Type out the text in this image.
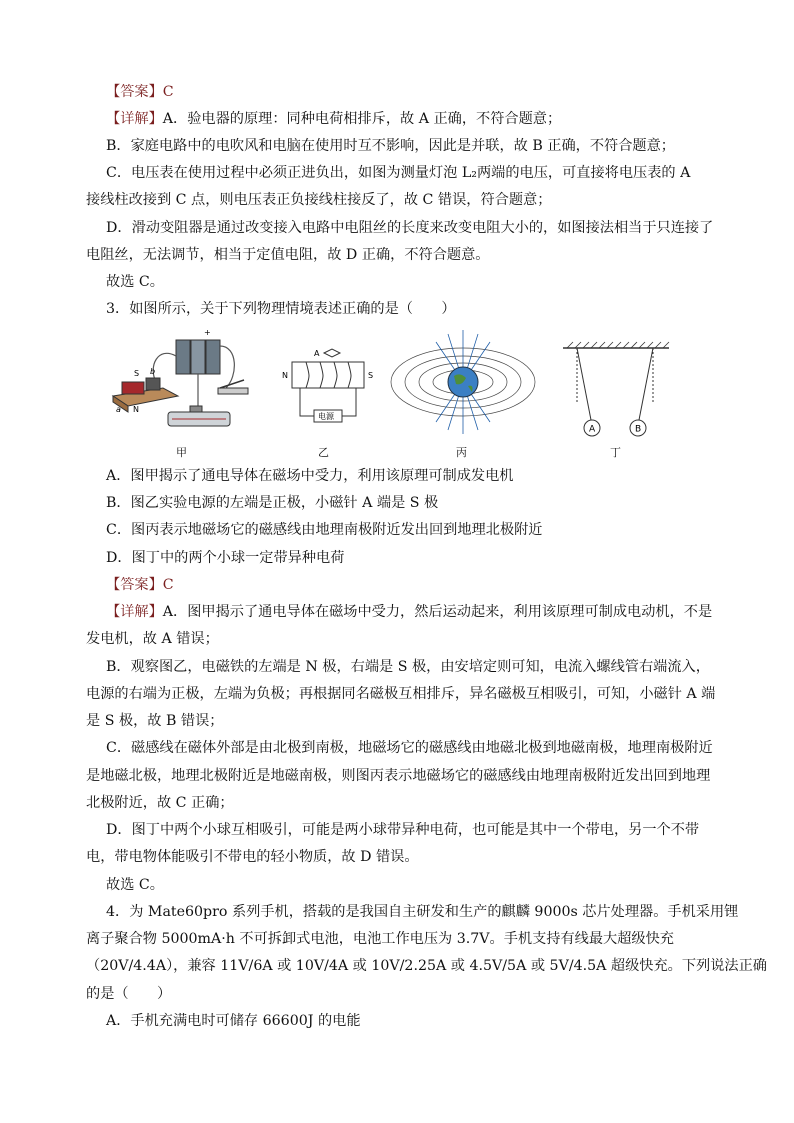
【答案】C
【详解】A．验电器的原理：同种电荷相排斥，故 A 正确，不符合题意；
B．家庭电路中的电吹风和电脑在使用时互不影响，因此是并联，故 B 正确，不符合题意；
C．电压表在使用过程中必须正进负出，如图为测量灯泡 L₂两端的电压，可直接将电压表的 A
接线柱改接到 C 点，则电压表正负接线柱接反了，故 C 错误，符合题意；
D．滑动变阻器是通过改变接入电路中电阻丝的长度来改变电阻大小的，如图接法相当于只连接了
电阻丝，无法调节，相当于定值电阻，故 D 正确，不符合题意。
故选 C。
3．如图所示，关于下列物理情境表述正确的是（　　）
+
S
N
a
b
甲
A
N	S
电源
乙	丙
A	B
丁
A．图甲揭示了通电导体在磁场中受力，利用该原理可制成发电机
B．图乙实验电源的左端是正极，小磁针 A 端是 S 极
C．图丙表示地磁场它的磁感线由地理南极附近发出回到地理北极附近
D．图丁中的两个小球一定带异种电荷
【答案】C
【详解】A．图甲揭示了通电导体在磁场中受力，然后运动起来，利用该原理可制成电动机，不是
发电机，故 A 错误；
B．观察图乙，电磁铁的左端是 N 极，右端是 S 极，由安培定则可知，电流入螺线管右端流入，
电源的右端为正极，左端为负极；再根据同名磁极互相排斥，异名磁极互相吸引，可知，小磁针 A 端
是 S 极，故 B 错误；
C．磁感线在磁体外部是由北极到南极，地磁场它的磁感线由地磁北极到地磁南极，地理南极附近
是地磁北极，地理北极附近是地磁南极，则图丙表示地磁场它的磁感线由地理南极附近发出回到地理
北极附近，故 C 正确；
D．图丁中两个小球互相吸引，可能是两小球带异种电荷，也可能是其中一个带电，另一个不带
电，带电物体能吸引不带电的轻小物质，故 D 错误。
故选 C。
4．为 Mate60pro 系列手机，搭载的是我国自主研发和生产的麒麟 9000s 芯片处理器。手机采用锂
离子聚合物 5000mA·h 不可拆卸式电池，电池工作电压为 3.7V。手机支持有线最大超级快充
（20V/4.4A），兼容 11V/6A 或 10V/4A 或 10V/2.25A 或 4.5V/5A 或 5V/4.5A 超级快充。下列说法正确
的是（　　）
A．手机充满电时可储存 66600J 的电能
